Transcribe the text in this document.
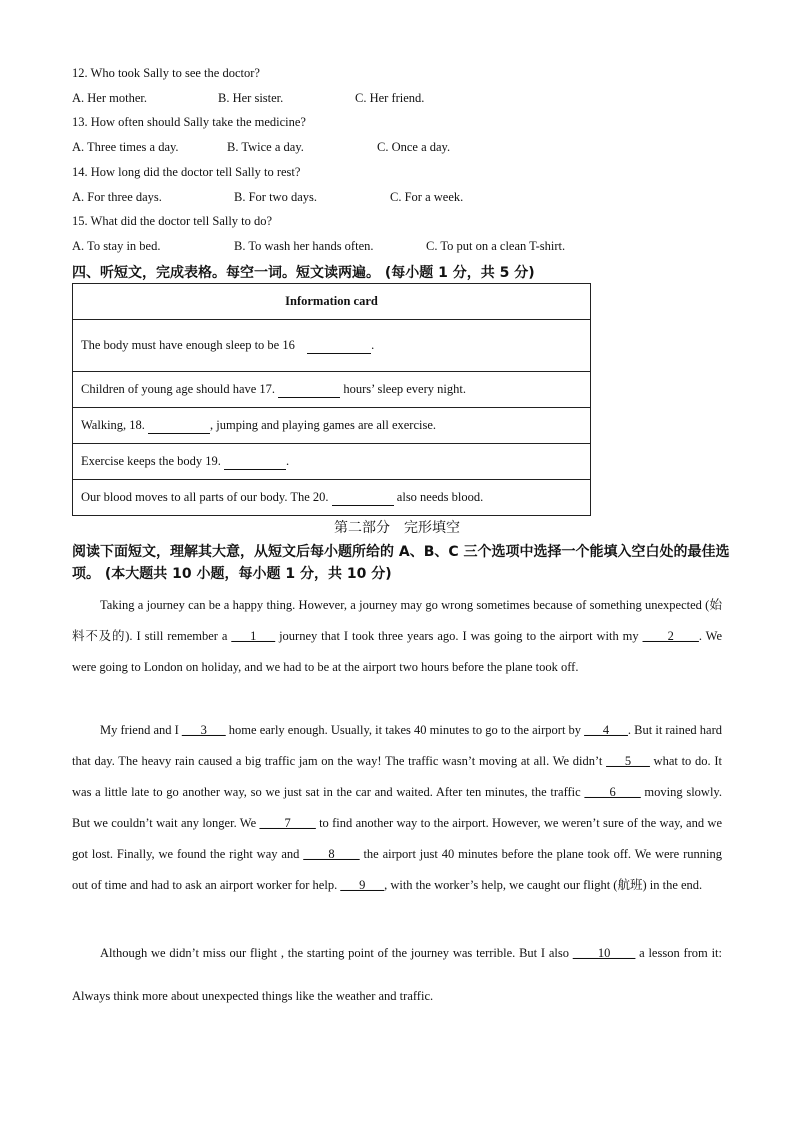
12. Who took Sally to see the doctor?
A. Her mother.	B. Her sister.	C. Her friend.
13. How often should Sally take the medicine?
A. Three times a day.	B. Twice a day.	C. Once a day.
14. How long did the doctor tell Sally to rest?
A. For three days.	B. For two days.	C. For a week.
15. What did the doctor tell Sally to do?
A. To stay in bed.	B. To wash her hands often.	C. To put on a clean T-shirt.
四、听短文，完成表格。每空一词。短文读两遍。 (每小题 1 分，共 5 分)
Information card
The body must have enough sleep to be 16	.
Children of young age should have 17.	hours’ sleep every night.
Walking, 18.	, jumping and playing games are all exercise.
Exercise keeps the body 19.	.
Our blood moves to all parts of our body. The 20.	also needs blood.
第二部分　完形填空
阅读下面短文，理解其大意，从短文后每小题所给的 A、B、C 三个选项中选择一个能填入空白处的最佳选项。 (本大题共 10 小题，每小题 1 分，共 10 分)
Taking a journey can be a happy thing. However, a journey may go wrong sometimes because of something unexpected (始料不及的). I still remember a ___1___ journey that I took three years ago. I was going to the airport with my ____2____. We were going to London on holiday, and we had to be at the airport two hours before the plane took off.
My friend and I ___3___ home early enough. Usually, it takes 40 minutes to go to the airport by ___4___. But it rained hard that day. The heavy rain caused a big traffic jam on the way! The traffic wasn’t moving at all. We didn’t ___5___ what to do. It was a little late to go another way, so we just sat in the car and waited. After ten minutes, the traffic ____6____ moving slowly. But we couldn’t wait any longer. We ____7____ to find another way to the airport. However, we weren’t sure of the way, and we got lost. Finally, we found the right way and ____8____ the airport just 40 minutes before the plane took off. We were running out of time and had to ask an airport worker for help. ___9___, with the worker’s help, we caught our flight (航班) in the end.
Although we didn’t miss our flight , the starting point of the journey was terrible. But I also ____10____ a lesson from it: Always think more about unexpected things like the weather and traffic.
